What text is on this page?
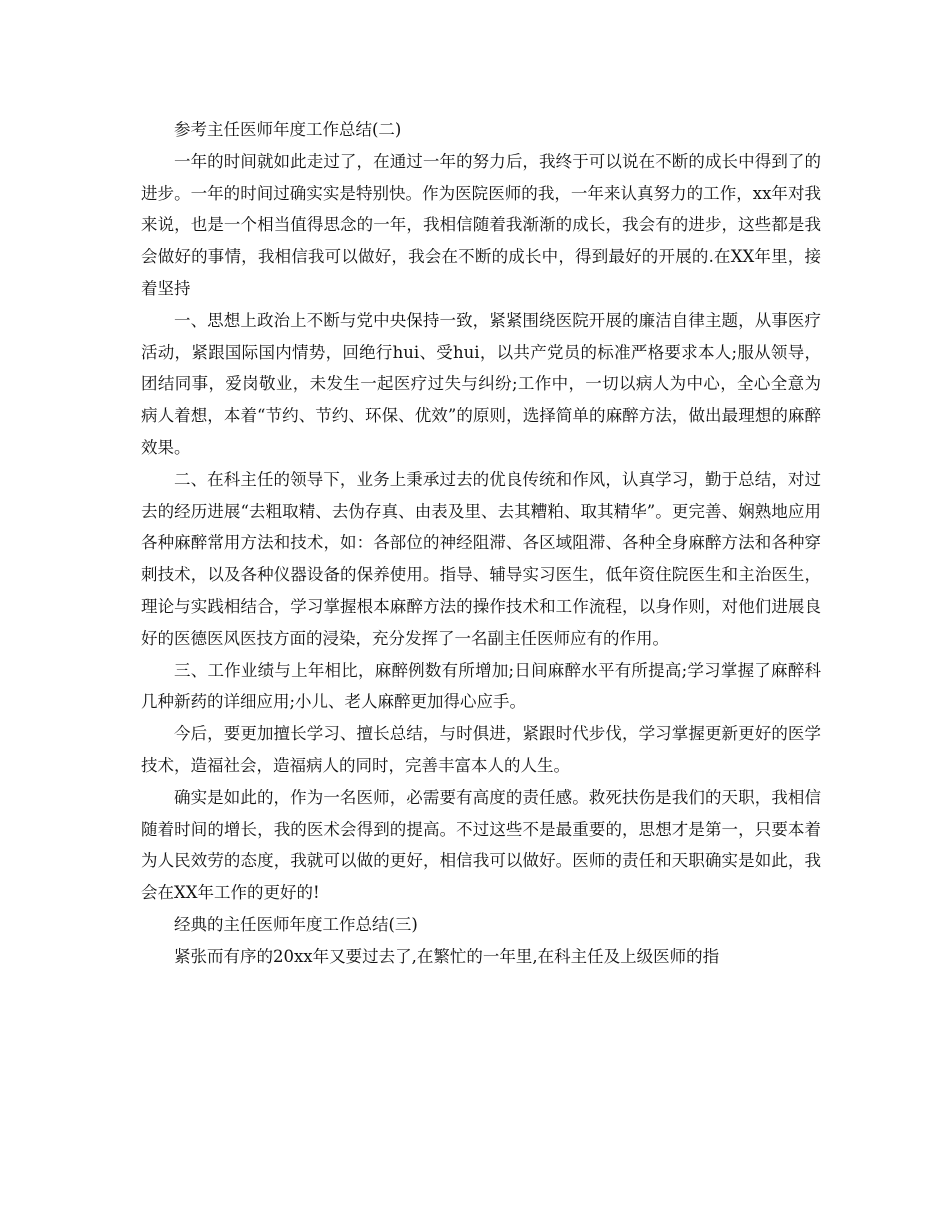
参考主任医师年度工作总结(二)

一年的时间就如此走过了，在通过一年的努力后，我终于可以说在不断的成长中得到了的进步。一年的时间过确实实是特别快。作为医院医师的我，一年来认真努力的工作，xx年对我来说，也是一个相当值得思念的一年，我相信随着我渐渐的成长，我会有的进步，这些都是我会做好的事情，我相信我可以做好，我会在不断的成长中，得到最好的开展的.在XX年里，接着坚持

一、思想上政治上不断与党中央保持一致，紧紧围绕医院开展的廉洁自律主题，从事医疗活动，紧跟国际国内情势，回绝行hui、受hui，以共产党员的标准严格要求本人;服从领导，团结同事，爱岗敬业，未发生一起医疗过失与纠纷;工作中，一切以病人为中心，全心全意为病人着想，本着“节约、节约、环保、优效”的原则，选择简单的麻醉方法，做出最理想的麻醉效果。

二、在科主任的领导下，业务上秉承过去的优良传统和作风，认真学习，勤于总结，对过去的经历进展“去粗取精、去伪存真、由表及里、去其糟粕、取其精华”。更完善、娴熟地应用各种麻醉常用方法和技术，如：各部位的神经阻滞、各区域阻滞、各种全身麻醉方法和各种穿刺技术，以及各种仪器设备的保养使用。指导、辅导实习医生，低年资住院医生和主治医生，理论与实践相结合，学习掌握根本麻醉方法的操作技术和工作流程，以身作则，对他们进展良好的医德医风医技方面的浸染，充分发挥了一名副主任医师应有的作用。

三、工作业绩与上年相比，麻醉例数有所增加;日间麻醉水平有所提高;学习掌握了麻醉科几种新药的详细应用;小儿、老人麻醉更加得心应手。

今后，要更加擅长学习、擅长总结，与时俱进，紧跟时代步伐，学习掌握更新更好的医学技术，造福社会，造福病人的同时，完善丰富本人的人生。

确实是如此的，作为一名医师，必需要有高度的责任感。救死扶伤是我们的天职，我相信随着时间的增长，我的医术会得到的提高。不过这些不是最重要的，思想才是第一，只要本着为人民效劳的态度，我就可以做的更好，相信我可以做好。医师的责任和天职确实是如此，我会在XX年工作的更好的!

经典的主任医师年度工作总结(三)

紧张而有序的20xx年又要过去了,在繁忙的一年里,在科主任及上级医师的指
